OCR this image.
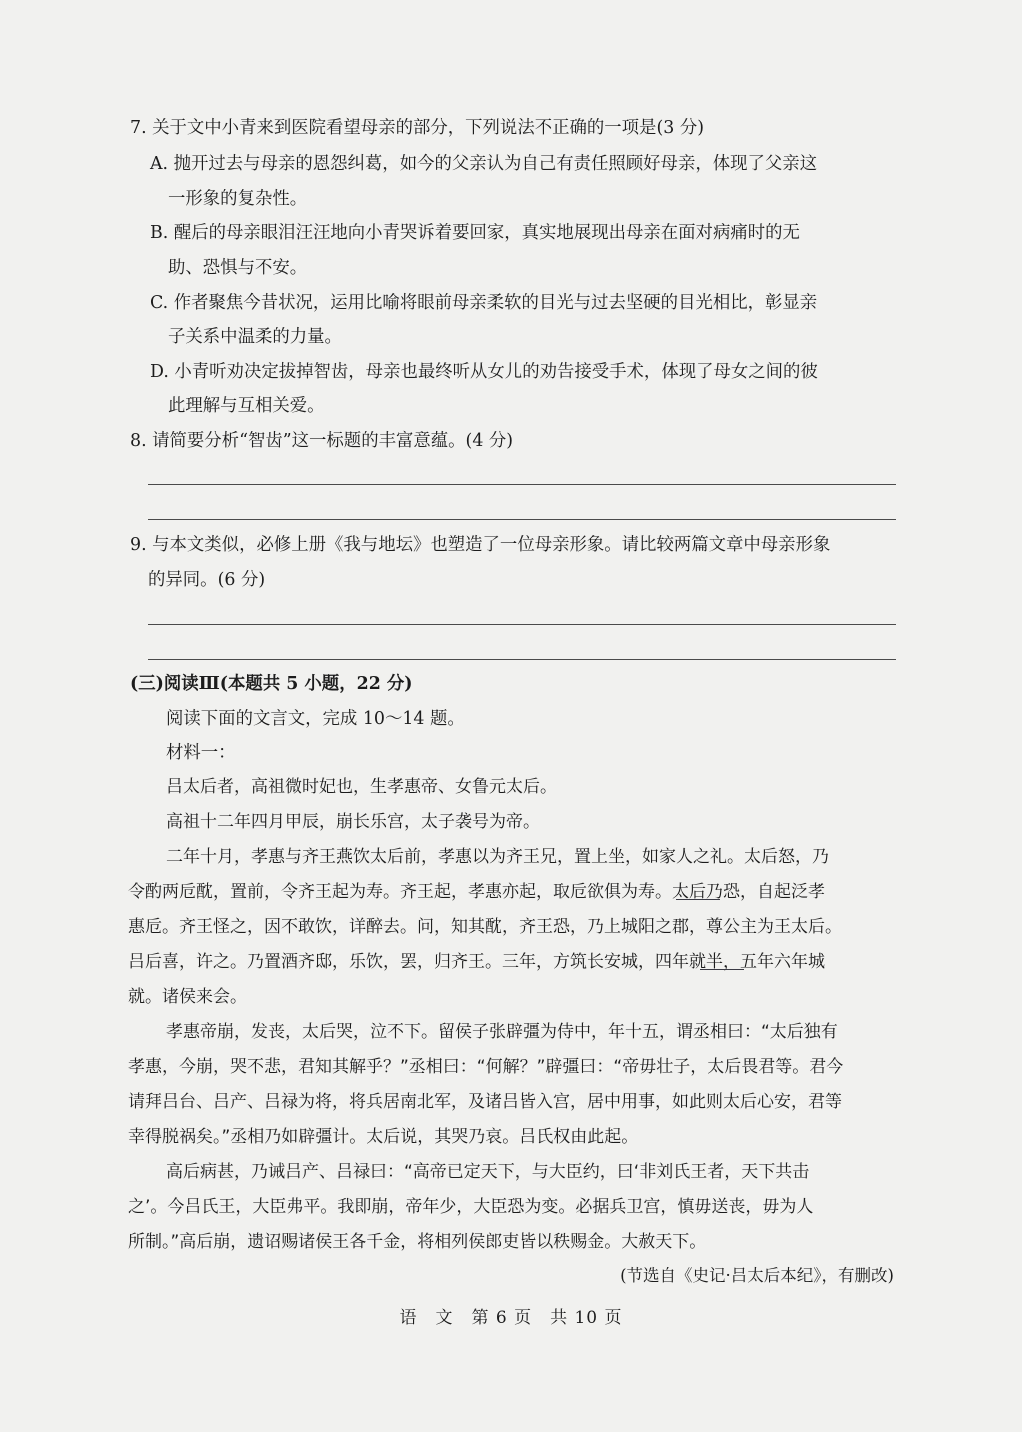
7. 关于文中小青来到医院看望母亲的部分，下列说法不正确的一项是(3 分)

A. 抛开过去与母亲的恩怨纠葛，如今的父亲认为自己有责任照顾好母亲，体现了父亲这

一形象的复杂性。

B. 醒后的母亲眼泪汪汪地向小青哭诉着要回家，真实地展现出母亲在面对病痛时的无

助、恐惧与不安。

C. 作者聚焦今昔状况，运用比喻将眼前母亲柔软的目光与过去坚硬的目光相比，彰显亲

子关系中温柔的力量。

D. 小青听劝决定拔掉智齿，母亲也最终听从女儿的劝告接受手术，体现了母女之间的彼

此理解与互相关爱。

8. 请简要分析“智齿”这一标题的丰富意蕴。(4 分)

9. 与本文类似，必修上册《我与地坛》也塑造了一位母亲形象。请比较两篇文章中母亲形象

的异同。(6 分)

(三)阅读Ⅲ(本题共 5 小题，22 分)

阅读下面的文言文，完成 10～14 题。

材料一：

吕太后者，高祖微时妃也，生孝惠帝、女鲁元太后。

高祖十二年四月甲辰，崩长乐宫，太子袭号为帝。

二年十月，孝惠与齐王燕饮太后前，孝惠以为齐王兄，置上坐，如家人之礼。太后怒，乃

令酌两卮酖，置前，令齐王起为寿。齐王起，孝惠亦起，取卮欲俱为寿。太后乃恐，自起泛孝

惠卮。齐王怪之，因不敢饮，详醉去。问，知其酖，齐王恐，乃上城阳之郡，尊公主为王太后。

吕后喜，许之。乃置酒齐邸，乐饮，罢，归齐王。三年，方筑长安城，四年就半，五年六年城

就。诸侯来会。

孝惠帝崩，发丧，太后哭，泣不下。留侯子张辟彊为侍中，年十五，谓丞相曰：“太后独有

孝惠，今崩，哭不悲，君知其解乎？”丞相曰：“何解？”辟彊曰：“帝毋壮子，太后畏君等。君今

请拜吕台、吕产、吕禄为将，将兵居南北军，及诸吕皆入宫，居中用事，如此则太后心安，君等

幸得脱祸矣。”丞相乃如辟彊计。太后说，其哭乃哀。吕氏权由此起。

高后病甚，乃诫吕产、吕禄曰：“高帝已定天下，与大臣约，曰‘非刘氏王者，天下共击

之’。今吕氏王，大臣弗平。我即崩，帝年少，大臣恐为变。必据兵卫宫，慎毋送丧，毋为人

所制。”高后崩，遗诏赐诸侯王各千金，将相列侯郎吏皆以秩赐金。大赦天下。

(节选自《史记·吕太后本纪》，有删改)

语　文　第 6 页　共 10 页
